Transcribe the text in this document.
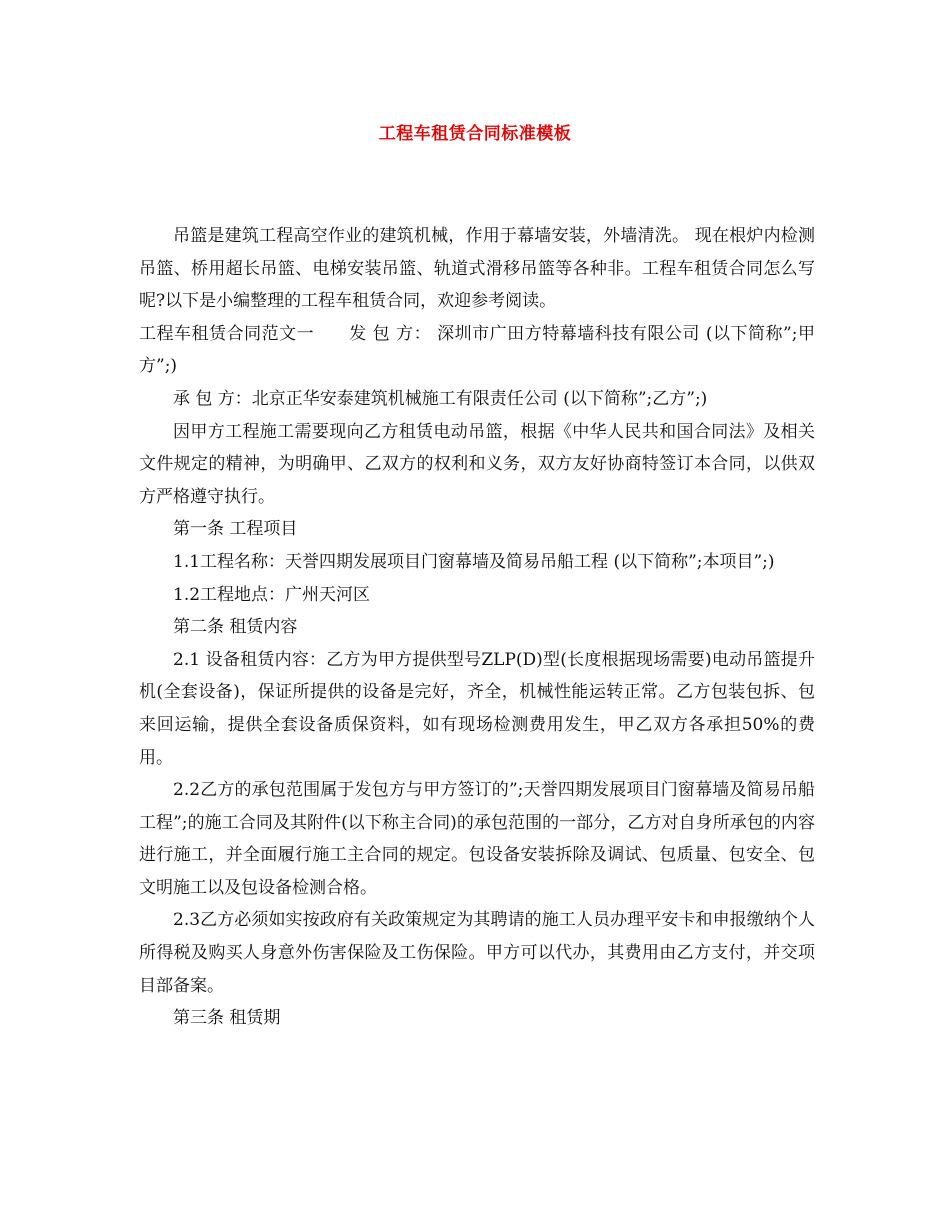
工程车租赁合同标准模板

吊篮是建筑工程高空作业的建筑机械，作用于幕墙安装，外墙清洗。 现在根炉内检测吊篮、桥用超长吊篮、电梯安装吊篮、轨道式滑移吊篮等各种非。工程车租赁合同怎么写呢?以下是小编整理的工程车租赁合同，欢迎参考阅读。

工程车租赁合同范文一　　发 包 方： 深圳市广田方特幕墙科技有限公司 (以下简称”;甲方”;)

承 包 方：北京正华安泰建筑机械施工有限责任公司 (以下简称”;乙方”;)

因甲方工程施工需要现向乙方租赁电动吊篮，根据《中华人民共和国合同法》及相关文件规定的精神，为明确甲、乙双方的权利和义务，双方友好协商特签订本合同，以供双方严格遵守执行。

第一条 工程项目

1.1工程名称：天誉四期发展项目门窗幕墙及简易吊船工程 (以下简称”;本项目”;)

1.2工程地点：广州天河区

第二条 租赁内容

2.1 设备租赁内容：乙方为甲方提供型号ZLP(D)型(长度根据现场需要)电动吊篮提升机(全套设备)，保证所提供的设备是完好，齐全，机械性能运转正常。乙方包装包拆、包来回运输，提供全套设备质保资料，如有现场检测费用发生，甲乙双方各承担50%的费用。

2.2乙方的承包范围属于发包方与甲方签订的”;天誉四期发展项目门窗幕墙及简易吊船工程”;的施工合同及其附件(以下称主合同)的承包范围的一部分，乙方对自身所承包的内容进行施工，并全面履行施工主合同的规定。包设备安装拆除及调试、包质量、包安全、包文明施工以及包设备检测合格。

2.3乙方必须如实按政府有关政策规定为其聘请的施工人员办理平安卡和申报缴纳个人所得税及购买人身意外伤害保险及工伤保险。甲方可以代办，其费用由乙方支付，并交项目部备案。

第三条 租赁期
